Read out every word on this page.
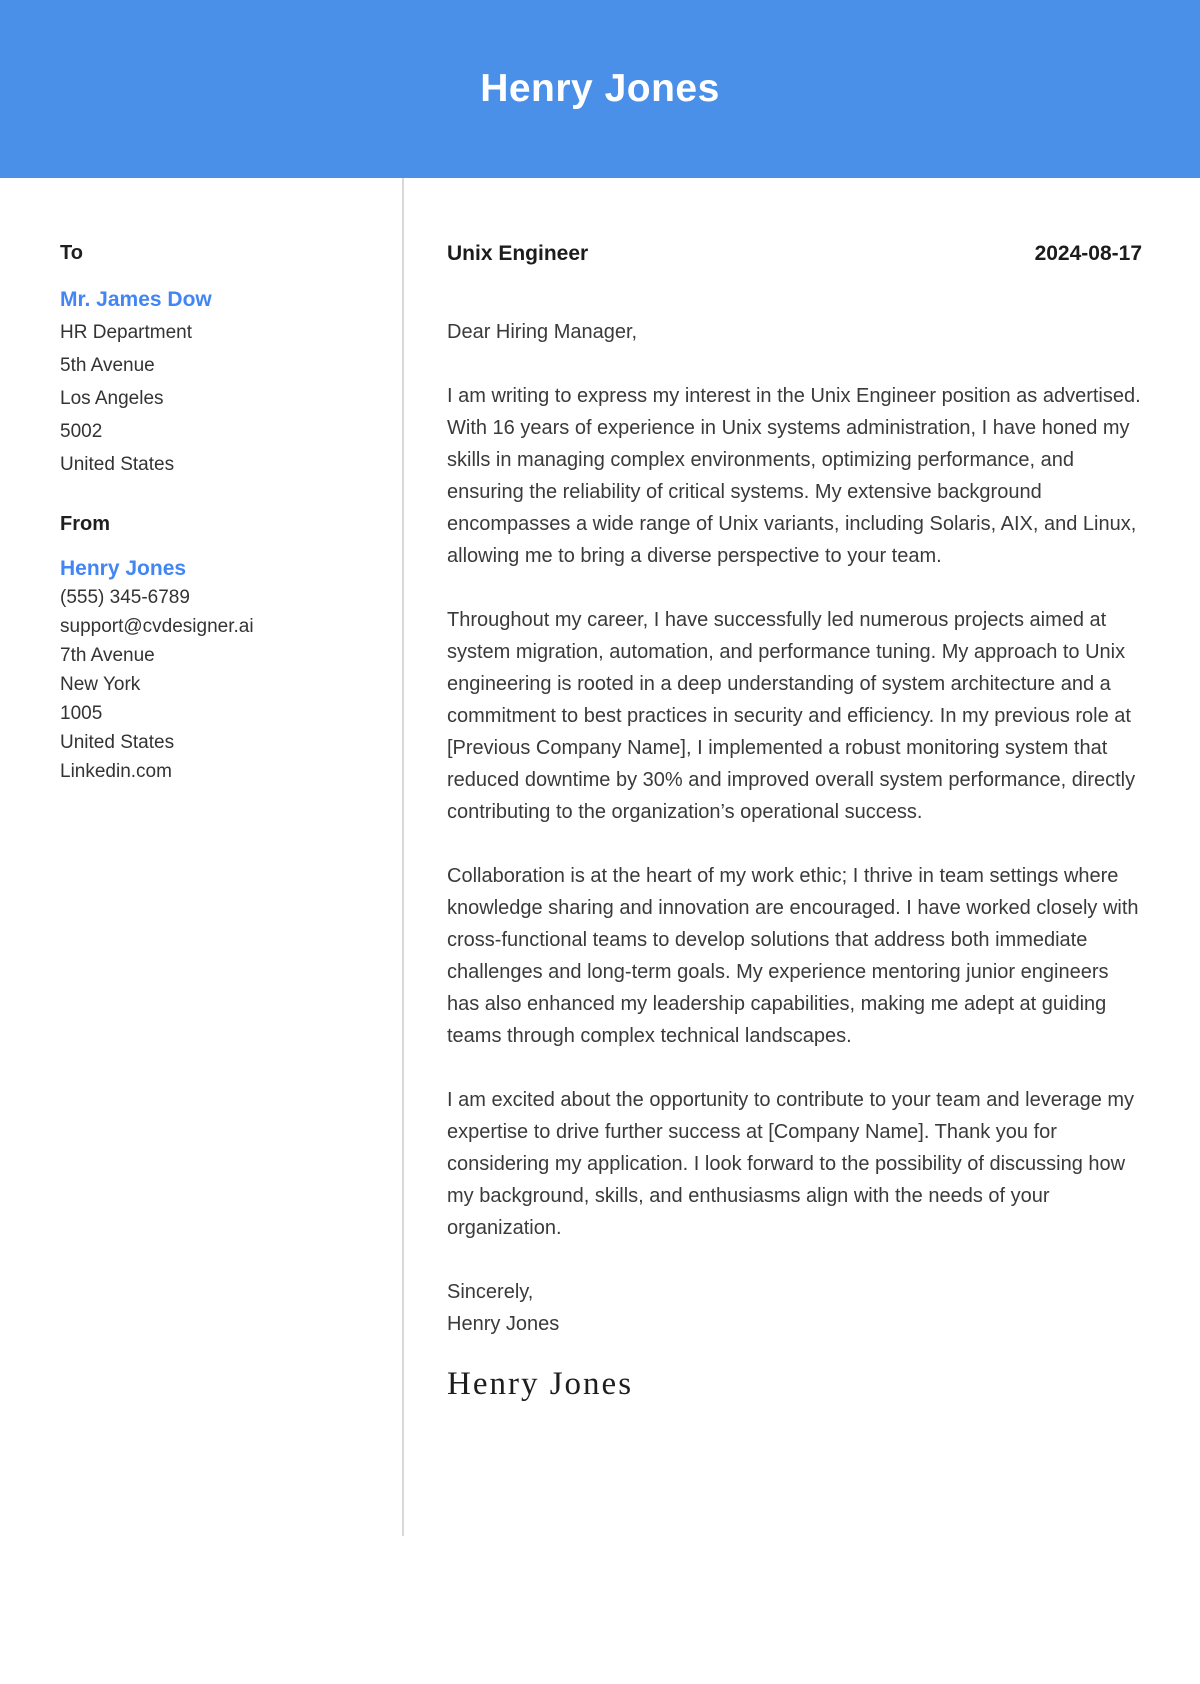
Henry Jones
To
Mr. James Dow
HR Department
5th Avenue
Los Angeles
5002
United States
From
Henry Jones
(555) 345-6789
support@cvdesigner.ai
7th Avenue
New York
1005
United States
Linkedin.com
Unix Engineer	2024-08-17
Dear Hiring Manager,

I am writing to express my interest in the Unix Engineer position as advertised. With 16 years of experience in Unix systems administration, I have honed my skills in managing complex environments, optimizing performance, and ensuring the reliability of critical systems. My extensive background encompasses a wide range of Unix variants, including Solaris, AIX, and Linux, allowing me to bring a diverse perspective to your team.

Throughout my career, I have successfully led numerous projects aimed at system migration, automation, and performance tuning. My approach to Unix engineering is rooted in a deep understanding of system architecture and a commitment to best practices in security and efficiency. In my previous role at [Previous Company Name], I implemented a robust monitoring system that reduced downtime by 30% and improved overall system performance, directly contributing to the organization’s operational success.

Collaboration is at the heart of my work ethic; I thrive in team settings where knowledge sharing and innovation are encouraged. I have worked closely with cross-functional teams to develop solutions that address both immediate challenges and long-term goals. My experience mentoring junior engineers has also enhanced my leadership capabilities, making me adept at guiding teams through complex technical landscapes.

I am excited about the opportunity to contribute to your team and leverage my expertise to drive further success at [Company Name]. Thank you for considering my application. I look forward to the possibility of discussing how my background, skills, and enthusiasms align with the needs of your organization.

Sincerely,
Henry Jones
Henry Jones
